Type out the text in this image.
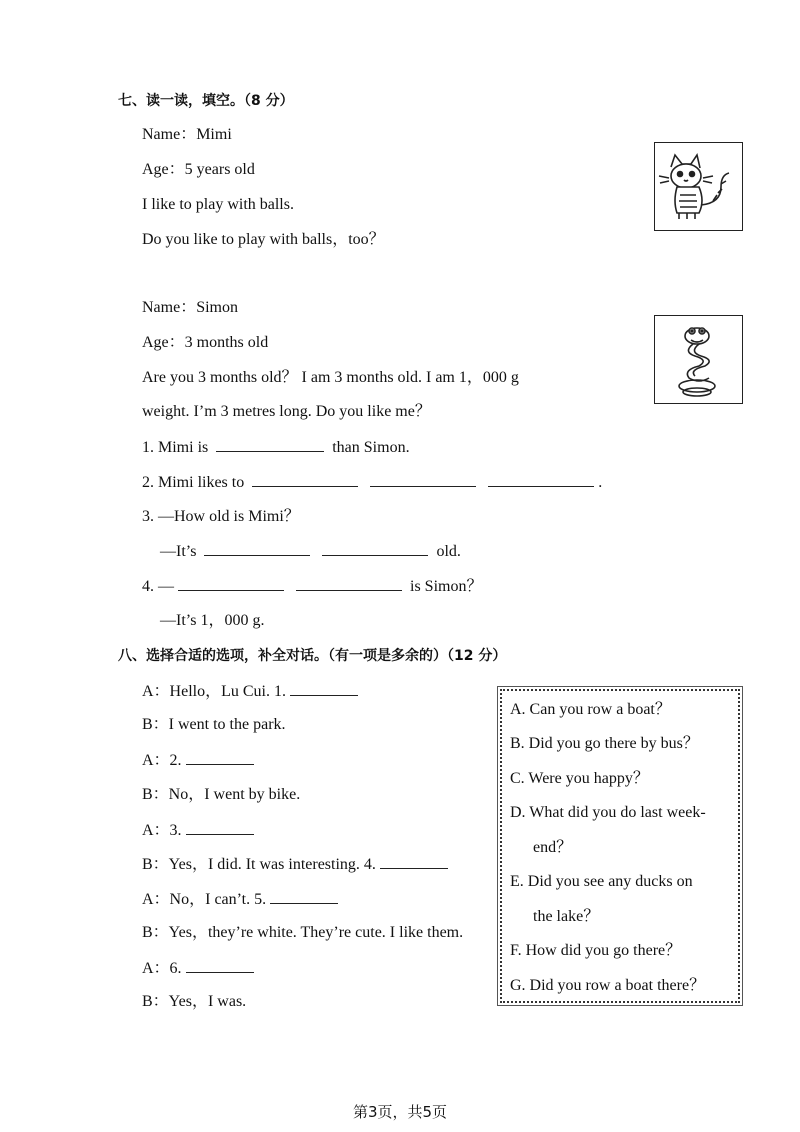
七、读一读，填空。（8 分）
Name：Mimi
Age：5 years old
I like to play with balls.
Do you like to play with balls，too？
Name：Simon
Age：3 months old
Are you 3 months old？ I am 3 months old. I am 1，000 g
weight. I’m 3 metres long. Do you like me？
1. Mimi is	than Simon.
2. Mimi likes to	.
3. —How old is Mimi？
—It’s	old.
4. —	is Simon？
—It’s 1，000 g.
八、选择合适的选项，补全对话。（有一项是多余的）（12 分）
A：Hello，Lu Cui. 1.
B：I went to the park.
A：2.
B：No，I went by bike.
A：3.
B：Yes，I did. It was interesting. 4.
A：No，I can’t. 5.
B：Yes，they’re white. They’re cute. I like them.
A：6.
B：Yes，I was.
A. Can you row a boat？
B. Did you go there by bus？
C. Were you happy？
D. What did you do last week-
end？
E. Did you see any ducks on
the lake？
F. How did you go there？
G. Did you row a boat there？
第3页，共5页
